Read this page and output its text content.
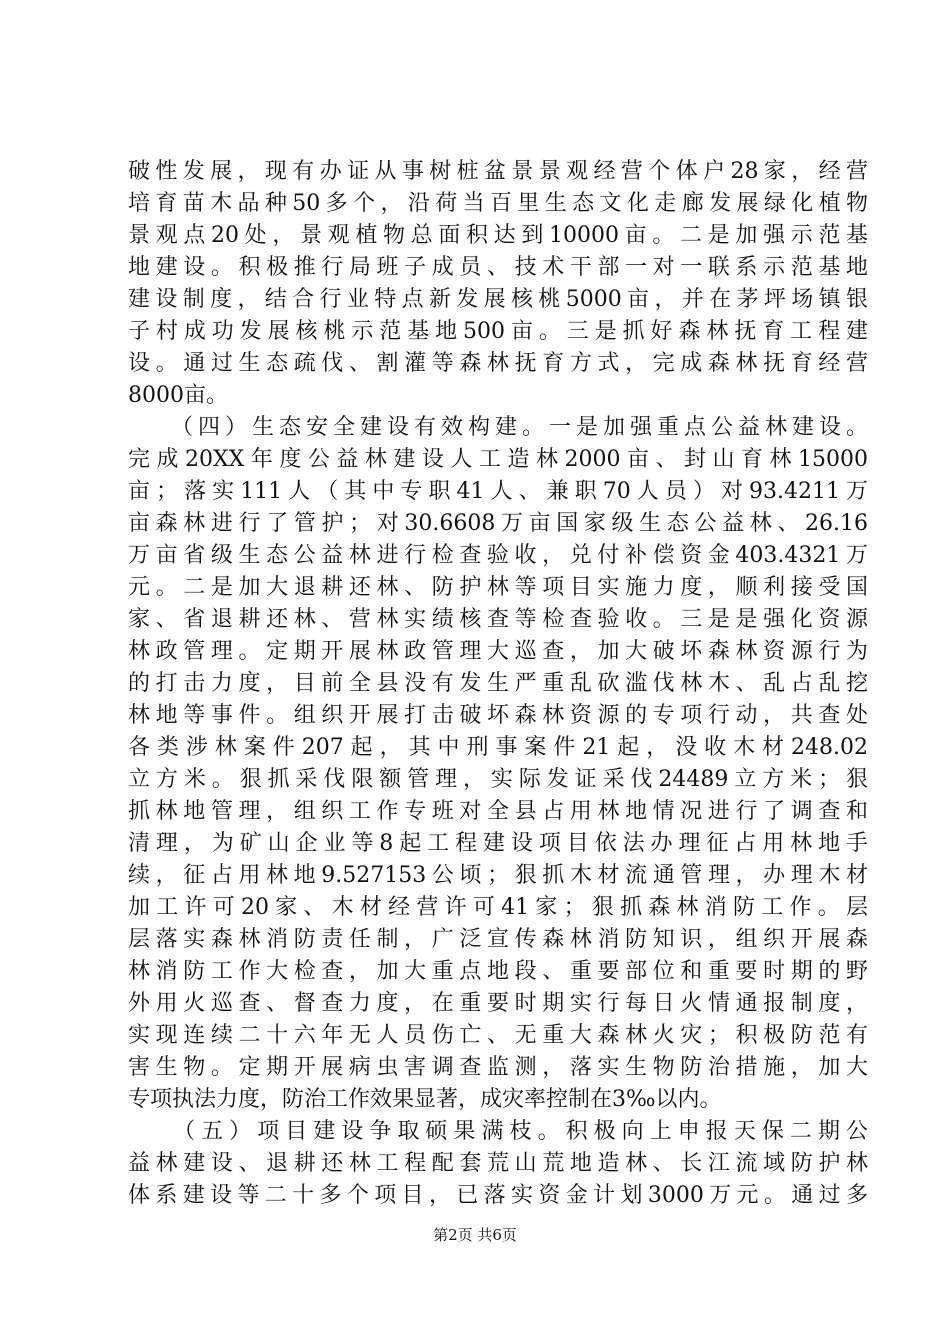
破性发展，现有办证从事树桩盆景景观经营个体户28家，经营
培育苗木品种50多个，沿荷当百里生态文化走廊发展绿化植物
景观点20处，景观植物总面积达到10000亩。二是加强示范基
地建设。积极推行局班子成员、技术干部一对一联系示范基地
建设制度，结合行业特点新发展核桃5000亩，并在茅坪场镇银
子村成功发展核桃示范基地500亩。三是抓好森林抚育工程建
设。通过生态疏伐、割灌等森林抚育方式，完成森林抚育经营
8000亩。
　　（四）生态安全建设有效构建。一是加强重点公益林建设。
完成20XX年度公益林建设人工造林2000亩、封山育林15000
亩；落实111人（其中专职41人、兼职70人员）对93.4211万
亩森林进行了管护；对30.6608万亩国家级生态公益林、26.16
万亩省级生态公益林进行检查验收，兑付补偿资金403.4321万
元。二是加大退耕还林、防护林等项目实施力度，顺利接受国
家、省退耕还林、营林实绩核查等检查验收。三是是强化资源
林政管理。定期开展林政管理大巡查，加大破坏森林资源行为
的打击力度，目前全县没有发生严重乱砍滥伐林木、乱占乱挖
林地等事件。组织开展打击破坏森林资源的专项行动，共查处
各类涉林案件207起，其中刑事案件21起，没收木材248.02
立方米。狠抓采伐限额管理，实际发证采伐24489立方米；狠
抓林地管理，组织工作专班对全县占用林地情况进行了调查和
清理，为矿山企业等8起工程建设项目依法办理征占用林地手
续，征占用林地9.527153公顷；狠抓木材流通管理，办理木材
加工许可20家、木材经营许可41家；狠抓森林消防工作。层
层落实森林消防责任制，广泛宣传森林消防知识，组织开展森
林消防工作大检查，加大重点地段、重要部位和重要时期的野
外用火巡查、督查力度，在重要时期实行每日火情通报制度，
实现连续二十六年无人员伤亡、无重大森林火灾；积极防范有
害生物。定期开展病虫害调查监测，落实生物防治措施，加大
专项执法力度，防治工作效果显著，成灾率控制在3‰以内。
　　（五）项目建设争取硕果满枝。积极向上申报天保二期公
益林建设、退耕还林工程配套荒山荒地造林、长江流域防护林
体系建设等二十多个项目，已落实资金计划3000万元。通过多
第2页 共6页
